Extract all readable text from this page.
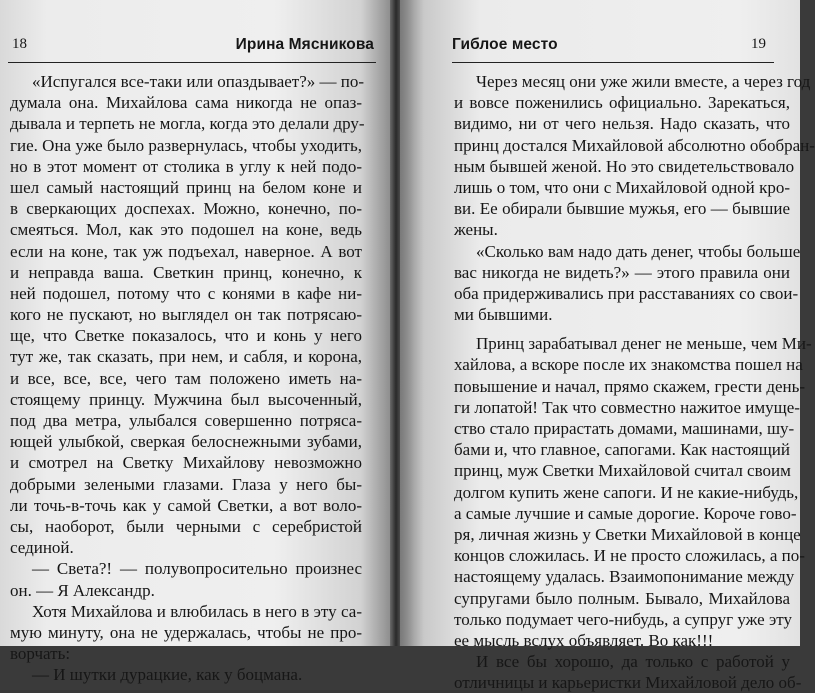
18	Ирина Мясникова
«Испугался все-таки или опаздывает?» — по-
думала она. Михайлова сама никогда не опаз-
дывала и терпеть не могла, когда это делали дру-
гие. Она уже было развернулась, чтобы уходить,
но в этот момент от столика в углу к ней подо-
шел самый настоящий принц на белом коне и
в сверкающих доспехах. Можно, конечно, по-
смеяться. Мол, как это подошел на коне, ведь
если на коне, так уж подъехал, наверное. А вот
и неправда ваша. Светкин принц, конечно, к
ней подошел, потому что с конями в кафе ни-
кого не пускают, но выглядел он так потрясаю-
ще, что Светке показалось, что и конь у него
тут же, так сказать, при нем, и сабля, и корона,
и все, все, все, чего там положено иметь на-
стоящему принцу. Мужчина был высоченный,
под два метра, улыбался совершенно потряса-
ющей улыбкой, сверкая белоснежными зубами,
и смотрел на Светку Михайлову невозможно
добрыми зелеными глазами. Глаза у него бы-
ли точь-в-точь как у самой Светки, а вот воло-
сы, наоборот, были черными с серебристой
сединой.
— Света?! — полувопросительно произнес
он. — Я Александр.
Хотя Михайлова и влюбилась в него в эту са-
мую минуту, она не удержалась, чтобы не про-
ворчать:
— И шутки дурацкие, как у боцмана.
Гиблое место	19
Через месяц они уже жили вместе, а через год
и вовсе поженились официально. Зарекаться,
видимо, ни от чего нельзя. Надо сказать, что
принц достался Михайловой абсолютно обобран-
ным бывшей женой. Но это свидетельствовало
лишь о том, что они с Михайловой одной кро-
ви. Ее обирали бывшие мужья, его — бывшие
жены.
«Сколько вам надо дать денег, чтобы больше
вас никогда не видеть?» — этого правила они
оба придерживались при расставаниях со свои-
ми бывшими.
Принц зарабатывал денег не меньше, чем Ми-
хайлова, а вскоре после их знакомства пошел на
повышение и начал, прямо скажем, грести день-
ги лопатой! Так что совместно нажитое имуще-
ство стало прирастать домами, машинами, шу-
бами и, что главное, сапогами. Как настоящий
принц, муж Светки Михайловой считал своим
долгом купить жене сапоги. И не какие-нибудь,
а самые лучшие и самые дорогие. Короче гово-
ря, личная жизнь у Светки Михайловой в конце
концов сложилась. И не просто сложилась, а по-
настоящему удалась. Взаимопонимание между
супругами было полным. Бывало, Михайлова
только подумает чего-нибудь, а супруг уже эту
ее мысль вслух объявляет. Во как!!!
И все бы хорошо, да только с работой у
отличницы и карьеристки Михайловой дело об-
